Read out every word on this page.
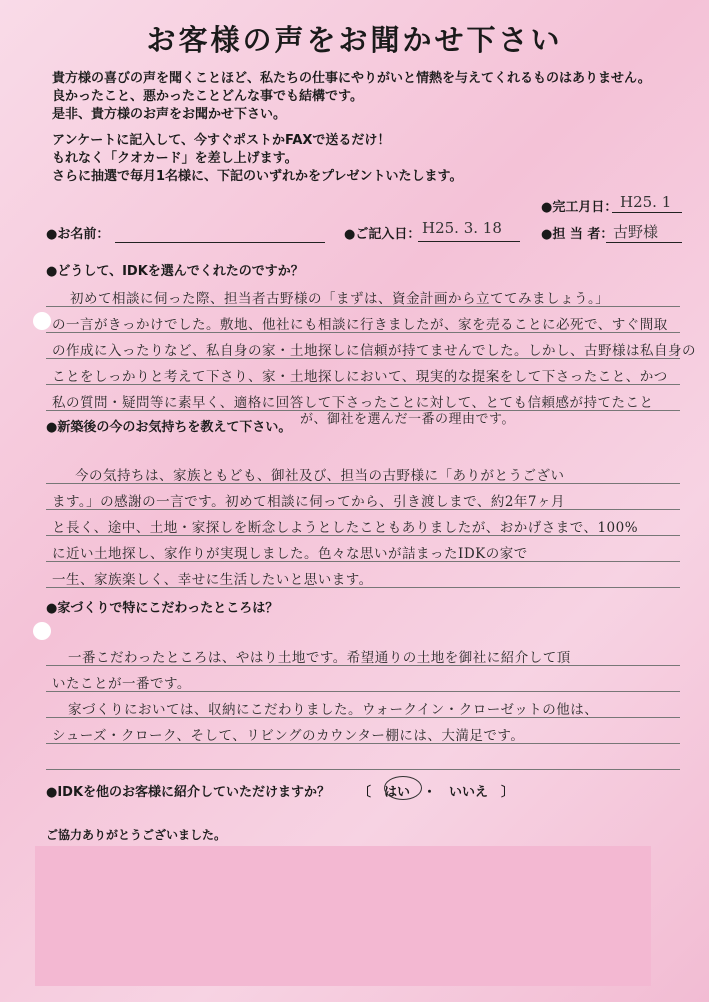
お客様の声をお聞かせ下さい
貴方様の喜びの声を聞くことほど、私たちの仕事にやりがいと情熱を与えてくれるものはありません。
良かったこと、悪かったことどんな事でも結構です。
是非、貴方様のお声をお聞かせ下さい。
アンケートに記入して、今すぐポストかFAXで送るだけ！
もれなく「クオカード」を差し上げます。
さらに抽選で毎月1名様に、下記のいずれかをプレゼントいたします。
●完工月日： H25. 1
●お名前：	●ご記入日： H25. 3. 18	●担 当 者： 古野様
●どうして、IDKを選んでくれたのですか？
初めて相談に伺った際、担当者古野様の「まずは、資金計画から立ててみましょう。」
の一言がきっかけでした。敷地、他社にも相談に行きましたが、家を売ることに必死で、すぐ間取
の作成に入ったりなど、私自身の家・土地探しに信頼が持てませんでした。しかし、古野様は私自身の
ことをしっかりと考えて下さり、家・土地探しにおいて、現実的な提案をして下さったこと、かつ
私の質問・疑問等に素早く、適格に回答して下さったことに対して、とても信頼感が持てたこと
が、御社を選んだ一番の理由です。
●新築後の今のお気持ちを教えて下さい。
今の気持ちは、家族ともども、御社及び、担当の古野様に「ありがとうござい
ます。」の感謝の一言です。初めて相談に伺ってから、引き渡しまで、約2年7ヶ月
と長く、途中、土地・家探しを断念しようとしたこともありましたが、おかげさまで、100%
に近い土地探し、家作りが実現しました。色々な思いが詰まったIDKの家で
一生、家族楽しく、幸せに生活したいと思います。
●家づくりで特にこだわったところは？
一番こだわったところは、やはり土地です。希望通りの土地を御社に紹介して頂
いたことが一番です。
家づくりにおいては、収納にこだわりました。ウォークイン・クローゼットの他は、
シューズ・クローク、そして、リビングのカウンター棚には、大満足です。
●IDKを他のお客様に紹介していただけますか？ 〔　はい　・　いいえ　〕
ご協力ありがとうございました。
